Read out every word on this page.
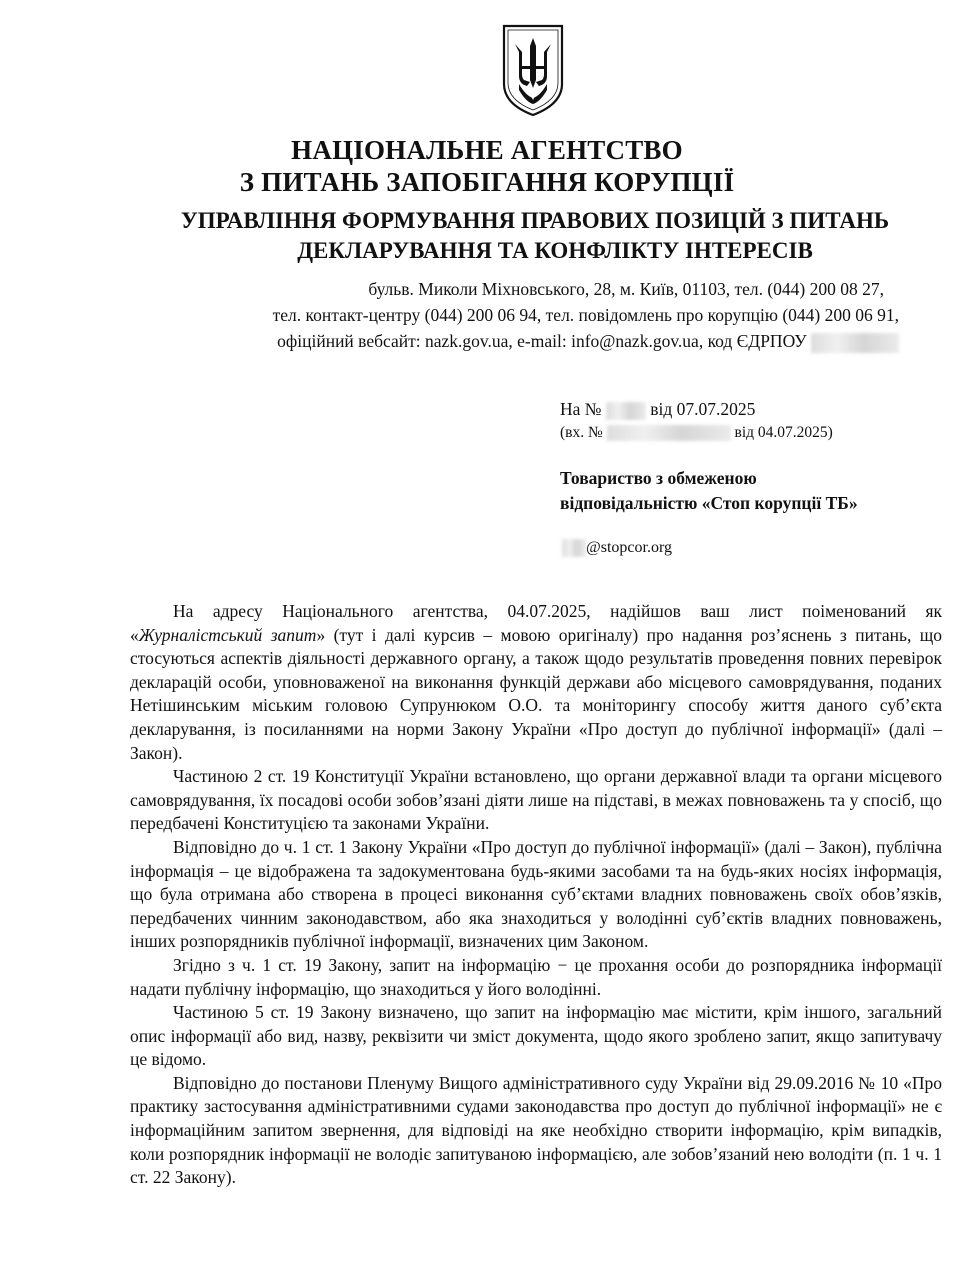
НАЦІОНАЛЬНЕ АГЕНТСТВО
З ПИТАНЬ ЗАПОБІГАННЯ КОРУПЦІЇ
УПРАВЛІННЯ ФОРМУВАННЯ ПРАВОВИХ ПОЗИЦІЙ З ПИТАНЬ
ДЕКЛАРУВАННЯ ТА КОНФЛІКТУ ІНТЕРЕСІВ
бульв. Миколи Міхновського, 28, м. Київ, 01103, тел. (044) 200 08 27,
тел. контакт-центру (044) 200 06 94, тел. повідомлень про корупцію (044) 200 06 91,
офіційний вебсайт: nazk.gov.ua, e-mail: info@nazk.gov.ua, код ЄДРПОУ
На №	від 07.07.2025
(вх. №	від 04.07.2025)
Товариство з обмеженою
відповідальністю «Стоп корупції ТБ»
@stopcor.org

На адресу Національного агентства, 04.07.2025, надійшов ваш лист поіменований як «Журналістський запит» (тут і далі курсив – мовою оригіналу) про надання роз’яснень з питань, що стосуються аспектів діяльності державного органу, а також щодо результатів проведення повних перевірок декларацій особи, уповноваженої на виконання функцій держави або місцевого самоврядування, поданих Нетішинським міським головою Супрунюком О.О. та моніторингу способу життя даного суб’єкта декларування, із посиланнями на норми Закону України «Про доступ до публічної інформації» (далі – Закон).

Частиною 2 ст. 19 Конституції України встановлено, що органи державної влади та органи місцевого самоврядування, їх посадові особи зобов’язані діяти лише на підставі, в межах повноважень та у спосіб, що передбачені Конституцією та законами України.

Відповідно до ч. 1 ст. 1 Закону України «Про доступ до публічної інформації» (далі – Закон), публічна інформація – це відображена та задокументована будь-якими засобами та на будь-яких носіях інформація, що була отримана або створена в процесі виконання суб’єктами владних повноважень своїх обов’язків, передбачених чинним законодавством, або яка знаходиться у володінні суб’єктів владних повноважень, інших розпорядників публічної інформації, визначених цим Законом.

Згідно з ч. 1 ст. 19 Закону, запит на інформацію − це прохання особи до розпорядника інформації надати публічну інформацію, що знаходиться у його володінні.

Частиною 5 ст. 19 Закону визначено, що запит на інформацію має містити, крім іншого, загальний опис інформації або вид, назву, реквізити чи зміст документа, щодо якого зроблено запит, якщо запитувачу це відомо.

Відповідно до постанови Пленуму Вищого адміністративного суду України від 29.09.2016 № 10 «Про практику застосування адміністративними судами законодавства про доступ до публічної інформації» не є інформаційним запитом звернення, для відповіді на яке необхідно створити інформацію, крім випадків, коли розпорядник інформації не володіє запитуваною інформацією, але зобов’язаний нею володіти (п. 1 ч. 1 ст. 22 Закону).
